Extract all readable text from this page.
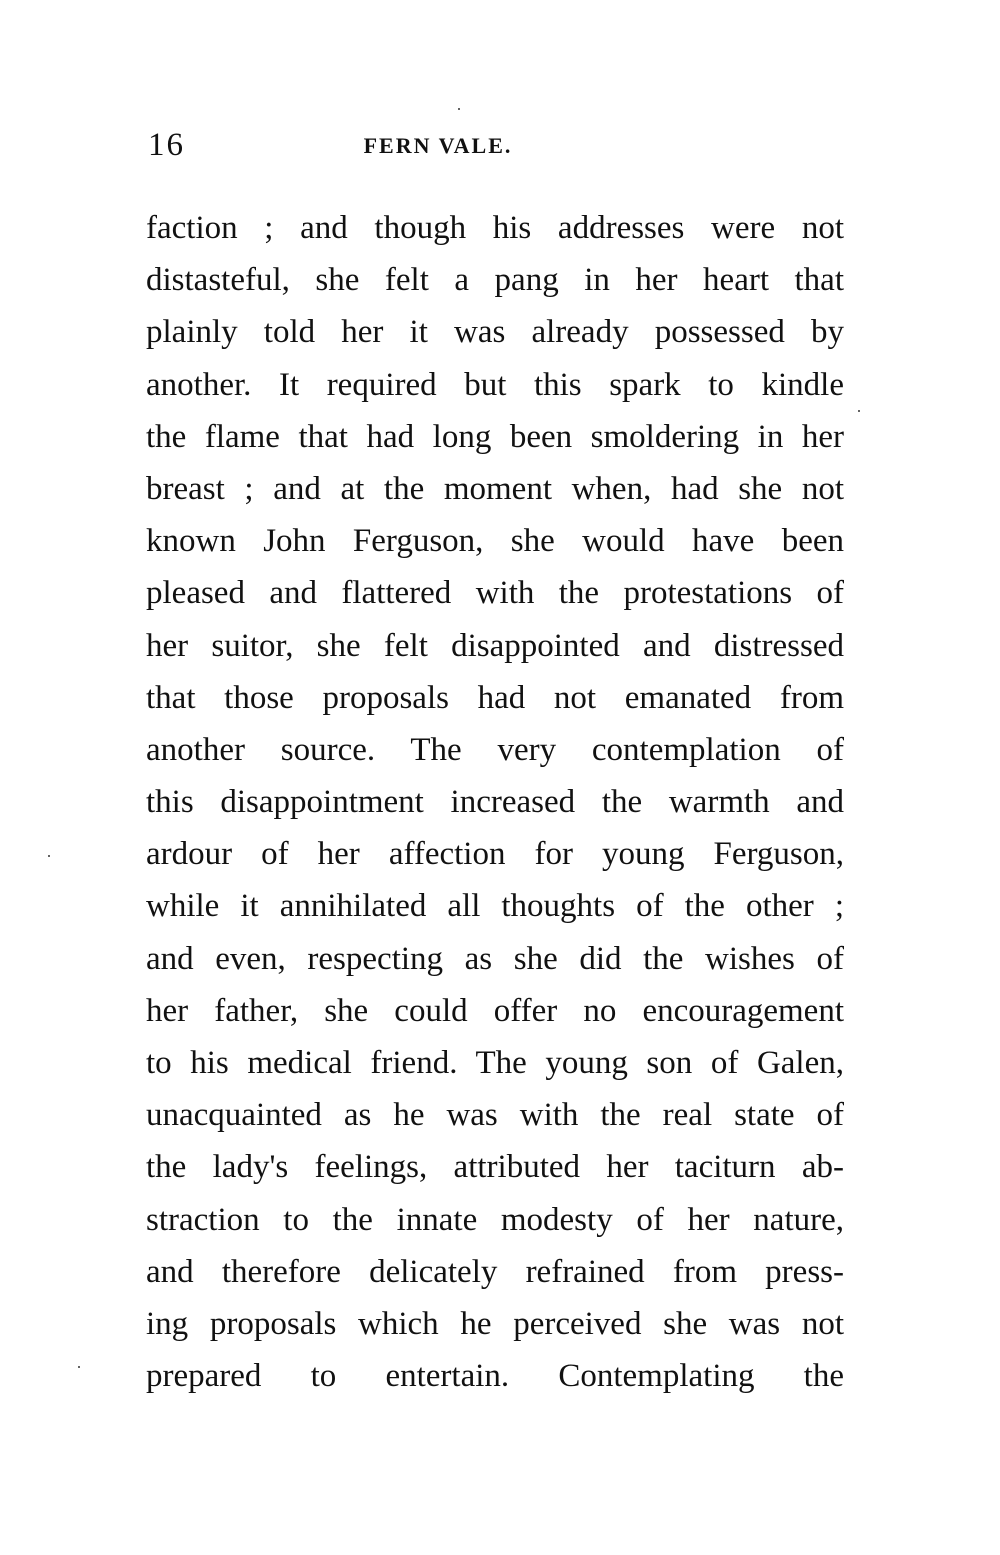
16	FERN VALE.
faction ; and though his addresses were not
distasteful, she felt a pang in her heart that
plainly told her it was already possessed by
another. It required but this spark to kindle
the flame that had long been smoldering in her
breast ; and at the moment when, had she not
known John Ferguson, she would have been
pleased and flattered with the protestations of
her suitor, she felt disappointed and distressed
that those proposals had not emanated from
another source. The very contemplation of
this disappointment increased the warmth and
ardour of her affection for young Ferguson,
while it annihilated all thoughts of the other ;
and even, respecting as she did the wishes of
her father, she could offer no encouragement
to his medical friend. The young son of Galen,
unacquainted as he was with the real state of
the lady's feelings, attributed her taciturn ab-
straction to the innate modesty of her nature,
and therefore delicately refrained from press-
ing proposals which he perceived she was not
prepared to entertain. Contemplating the
